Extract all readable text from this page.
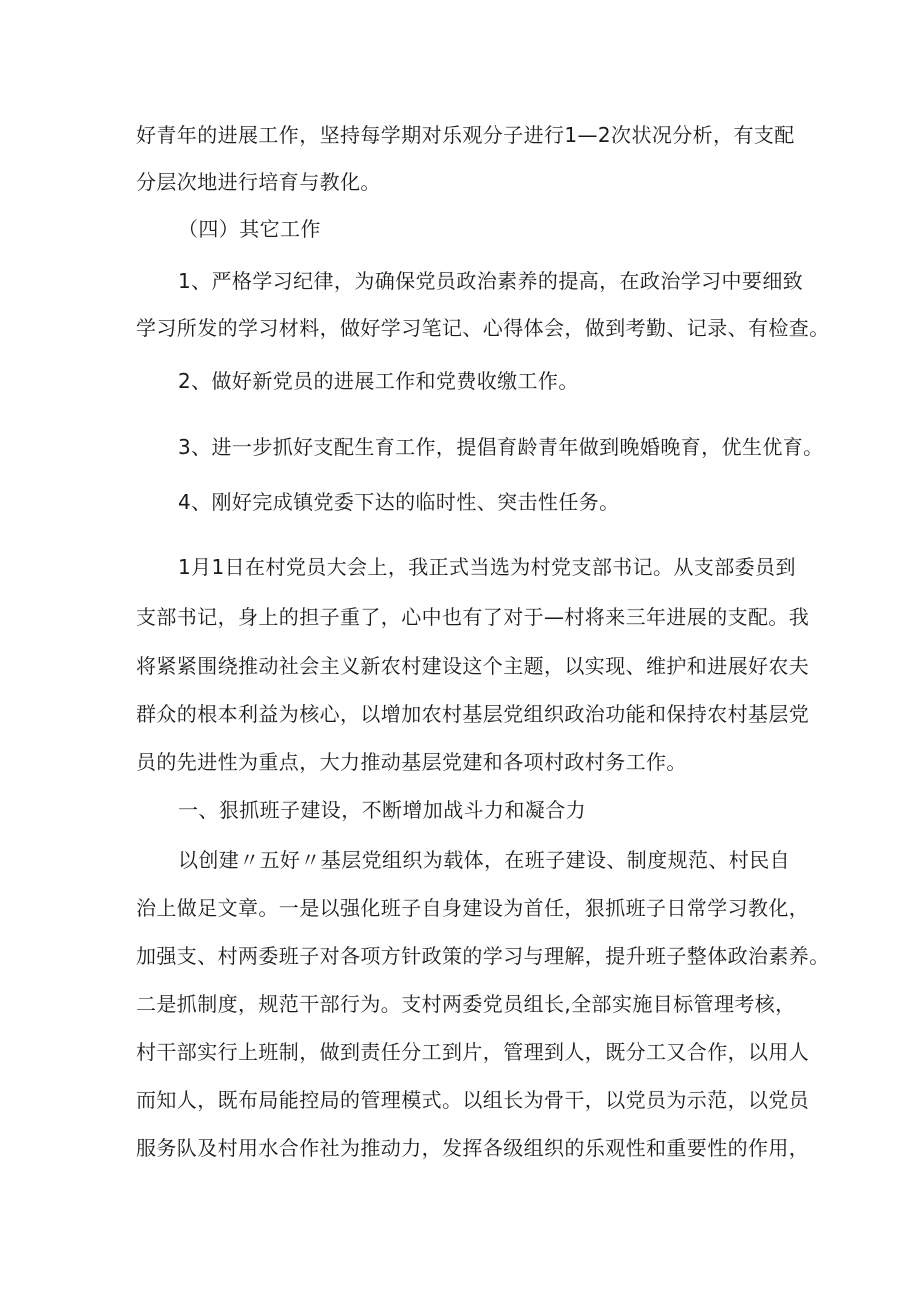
好青年的进展工作，坚持每学期对乐观分子进行1—2次状况分析，有支配

分层次地进行培育与教化。

（四）其它工作

1、严格学习纪律，为确保党员政治素养的提高，在政治学习中要细致

学习所发的学习材料，做好学习笔记、心得体会，做到考勤、记录、有检查。

2、做好新党员的进展工作和党费收缴工作。

3、进一步抓好支配生育工作，提倡育龄青年做到晚婚晚育，优生优育。

4、刚好完成镇党委下达的临时性、突击性任务。

1月1日在村党员大会上，我正式当选为村党支部书记。从支部委员到

支部书记，身上的担子重了，心中也有了对于—村将来三年进展的支配。我

将紧紧围绕推动社会主义新农村建设这个主题，以实现、维护和进展好农夫

群众的根本利益为核心，以增加农村基层党组织政治功能和保持农村基层党

员的先进性为重点，大力推动基层党建和各项村政村务工作。

一、狠抓班子建设，不断增加战斗力和凝合力

以创建〃五好〃基层党组织为载体，在班子建设、制度规范、村民自

治上做足文章。一是以强化班子自身建设为首任，狠抓班子日常学习教化，

加强支、村两委班子对各项方针政策的学习与理解，提升班子整体政治素养。

二是抓制度，规范干部行为。支村两委党员组长,全部实施目标管理考核，

村干部实行上班制，做到责任分工到片，管理到人，既分工又合作，以用人

而知人，既布局能控局的管理模式。以组长为骨干，以党员为示范，以党员

服务队及村用水合作社为推动力，发挥各级组织的乐观性和重要性的作用，
